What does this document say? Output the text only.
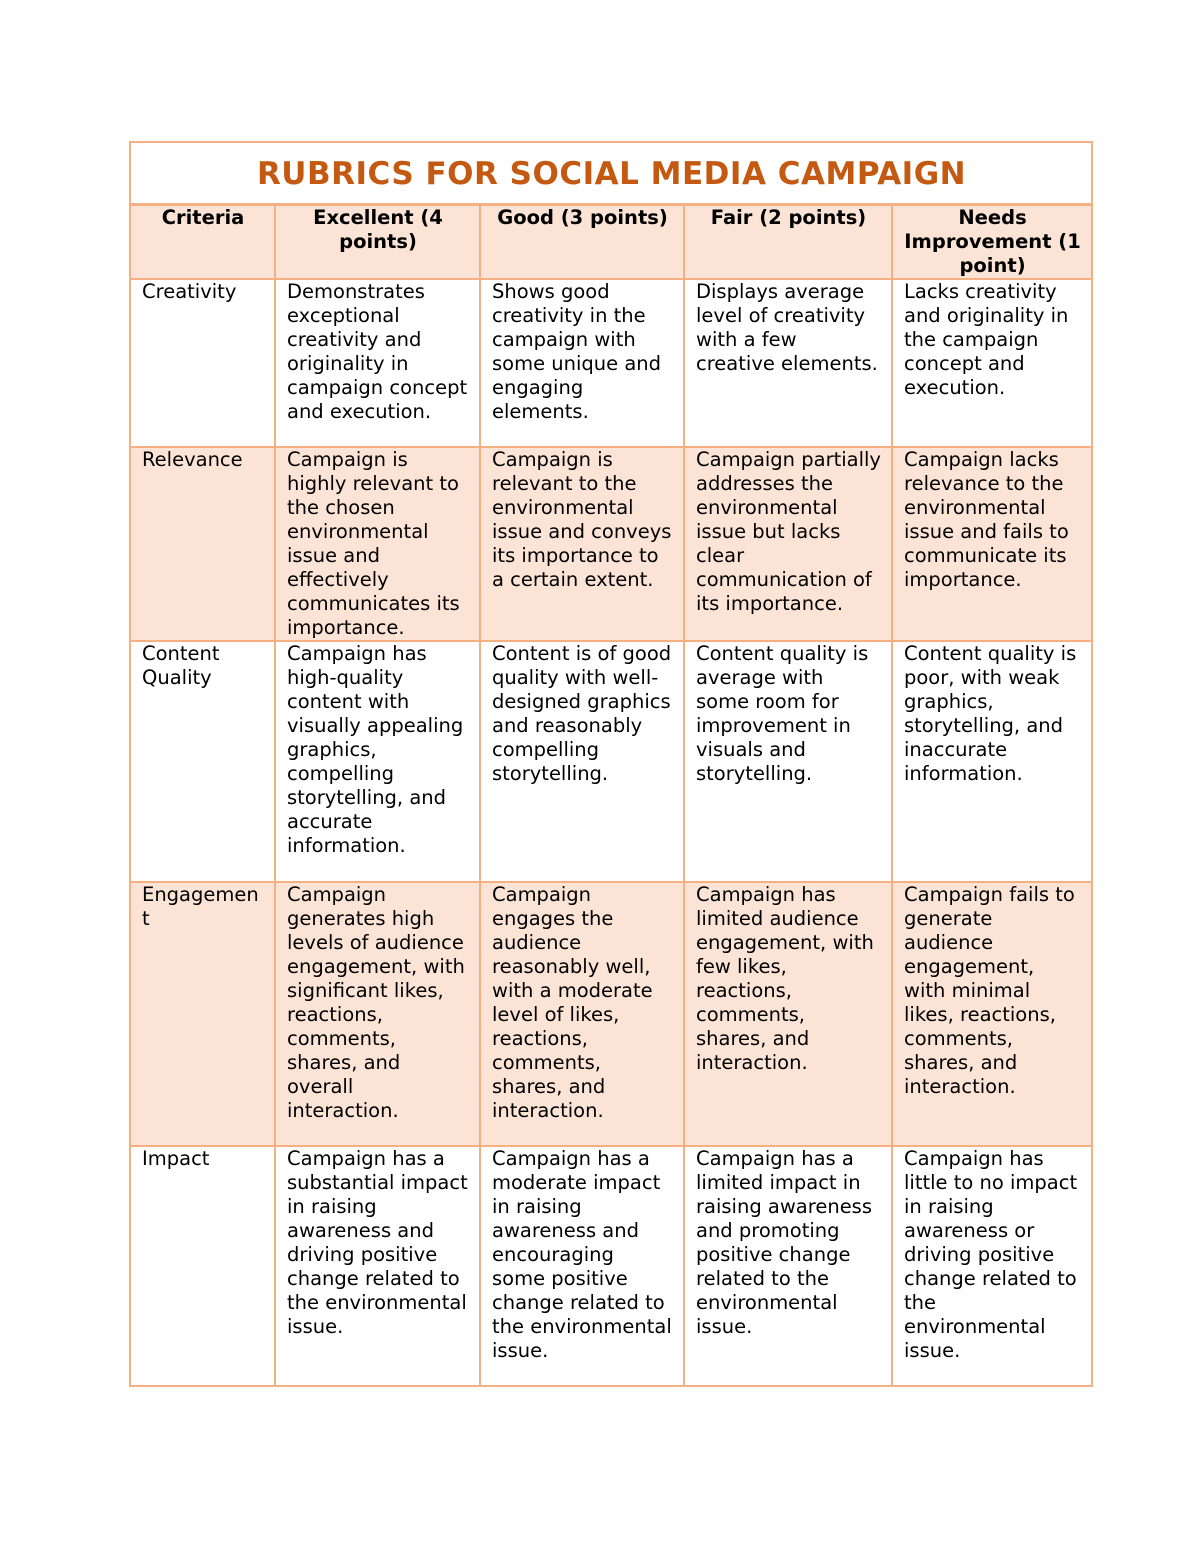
RUBRICS FOR SOCIAL MEDIA CAMPAIGN				
Criteria	Excellent (4 points)	Good (3 points)	Fair (2 points)	Needs Improvement (1 point)
Creativity	Demonstrates exceptional creativity and originality in campaign concept and execution.	Shows good creativity in the campaign with some unique and engaging elements.	Displays average level of creativity with a few creative elements.	Lacks creativity and originality in the campaign concept and execution.
Relevance	Campaign is highly relevant to the chosen environmental issue and effectively communicates its importance.	Campaign is relevant to the environmental issue and conveys its importance to a certain extent.	Campaign partially addresses the environmental issue but lacks clear communication of its importance.	Campaign lacks relevance to the environmental issue and fails to communicate its importance.
Content Quality	Campaign has high-quality content with visually appealing graphics, compelling storytelling, and accurate information.	Content is of good quality with well-designed graphics and reasonably compelling storytelling.	Content quality is average with some room for improvement in visuals and storytelling.	Content quality is poor, with weak graphics, storytelling, and inaccurate information.
Engagement	Campaign generates high levels of audience engagement, with significant likes, reactions, comments, shares, and overall interaction.	Campaign engages the audience reasonably well, with a moderate level of likes, reactions, comments, shares, and interaction.	Campaign has limited audience engagement, with few likes, reactions, comments, shares, and interaction.	Campaign fails to generate audience engagement, with minimal likes, reactions, comments, shares, and interaction.
Impact	Campaign has a substantial impact in raising awareness and driving positive change related to the environmental issue.	Campaign has a moderate impact in raising awareness and encouraging some positive change related to the environmental issue.	Campaign has a limited impact in raising awareness and promoting positive change related to the environmental issue.	Campaign has little to no impact in raising awareness or driving positive change related to the environmental issue.
